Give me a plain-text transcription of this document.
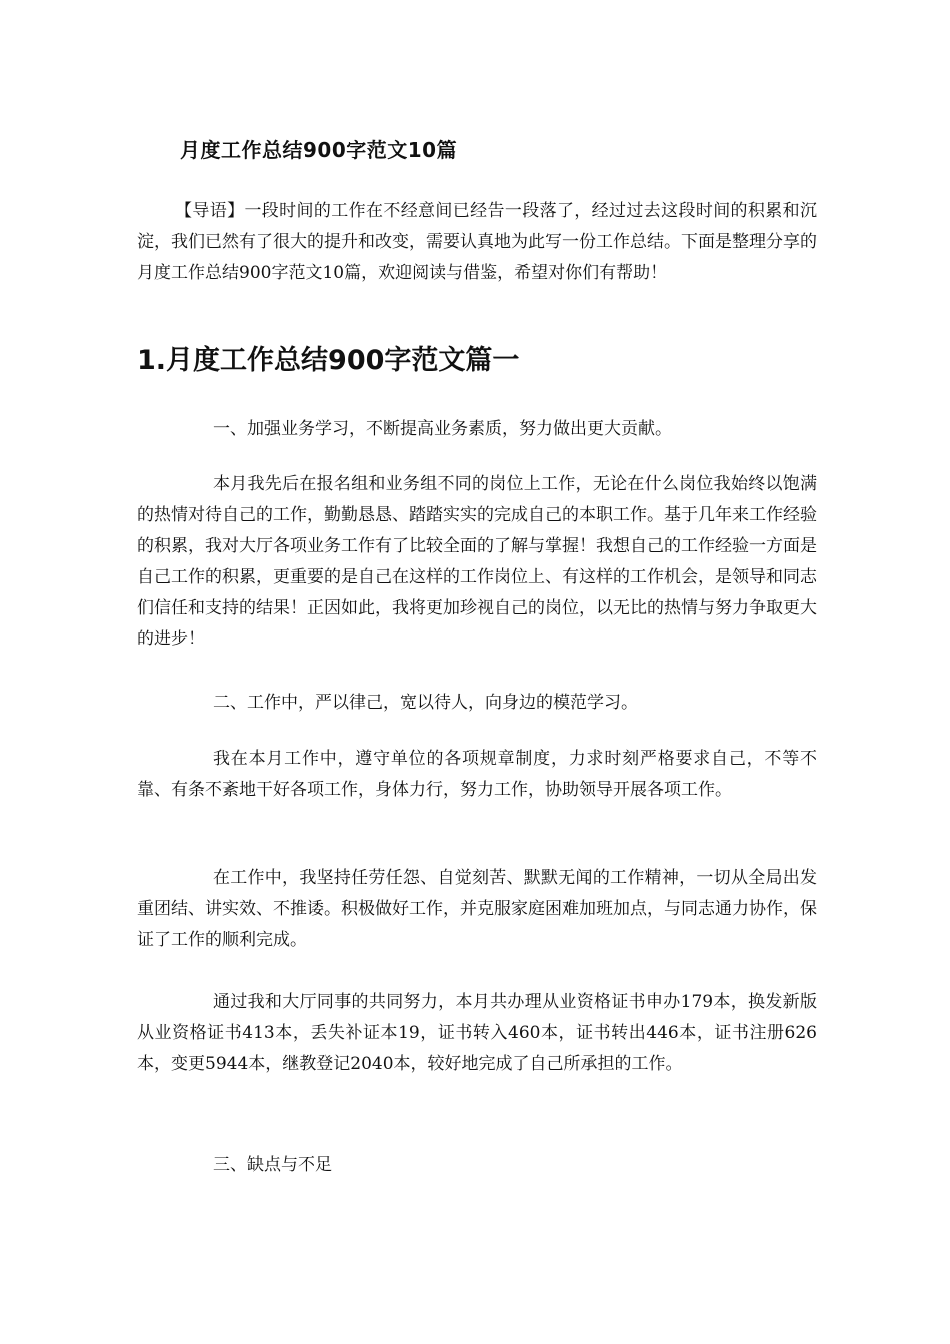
月度工作总结900字范文10篇
【导语】一段时间的工作在不经意间已经告一段落了，经过过去这段时间的积累和沉淀，我们已然有了很大的提升和改变，需要认真地为此写一份工作总结。下面是整理分享的月度工作总结900字范文10篇，欢迎阅读与借鉴，希望对你们有帮助！
1.月度工作总结900字范文篇一

一、加强业务学习，不断提高业务素质，努力做出更大贡献。

本月我先后在报名组和业务组不同的岗位上工作，无论在什么岗位我始终以饱满的热情对待自己的工作，勤勤恳恳、踏踏实实的完成自己的本职工作。基于几年来工作经验的积累，我对大厅各项业务工作有了比较全面的了解与掌握！我想自己的工作经验一方面是自己工作的积累，更重要的是自己在这样的工作岗位上、有这样的工作机会，是领导和同志们信任和支持的结果！正因如此，我将更加珍视自己的岗位，以无比的热情与努力争取更大的进步！

二、工作中，严以律己，宽以待人，向身边的模范学习。

我在本月工作中，遵守单位的各项规章制度，力求时刻严格要求自己，不等不靠、有条不紊地干好各项工作，身体力行，努力工作，协助领导开展各项工作。

在工作中，我坚持任劳任怨、自觉刻苦、默默无闻的工作精神，一切从全局出发重团结、讲实效、不推诿。积极做好工作，并克服家庭困难加班加点，与同志通力协作，保证了工作的顺利完成。

通过我和大厅同事的共同努力，本月共办理从业资格证书申办179本，换发新版从业资格证书413本，丢失补证本19，证书转入460本，证书转出446本，证书注册626本，变更5944本，继教登记2040本，较好地完成了自己所承担的工作。

三、缺点与不足
